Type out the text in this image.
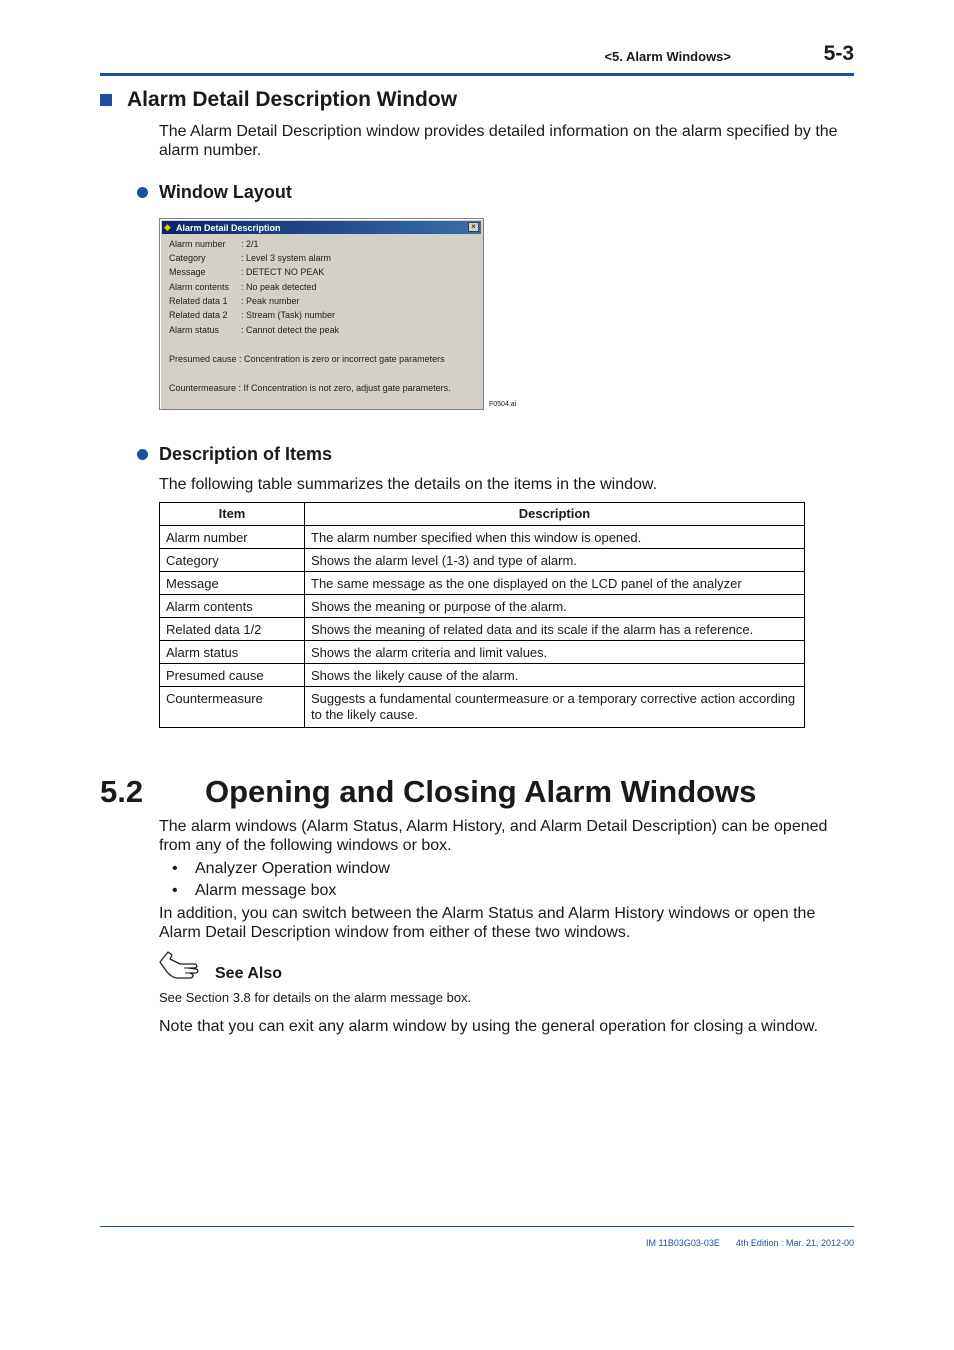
<5. Alarm Windows>	5-3
Alarm Detail Description Window
The Alarm Detail Description window provides detailed information on the alarm specified by the
alarm number.
Window Layout
◆ Alarm Detail Description	×
Alarm number : 2/1
Category	: Level 3 system alarm
Message	: DETECT NO PEAK
Alarm contents : No peak detected
Related data 1 : Peak number
Related data 2 : Stream (Task) number
Alarm status : Cannot detect the peak
Presumed cause : Concentration is zero or incorrect gate parameters
Countermeasure : If Concentration is not zero, adjust gate parameters.
F0504.ai
Description of Items
The following table summarizes the details on the items in the window.
Item	Description
Alarm number	The alarm number specified when this window is opened.
Category	Shows the alarm level (1-3) and type of alarm.
Message	The same message as the one displayed on the LCD panel of the analyzer
Alarm contents	Shows the meaning or purpose of the alarm.
Related data 1/2	Shows the meaning of related data and its scale if the alarm has a reference.
Alarm status	Shows the alarm criteria and limit values.
Presumed cause	Shows the likely cause of the alarm.
Countermeasure	Suggests a fundamental countermeasure or a temporary corrective action according to the likely cause.
5.2 Opening and Closing Alarm Windows
The alarm windows (Alarm Status, Alarm History, and Alarm Detail Description) can be opened
from any of the following windows or box.
• Analyzer Operation window
• Alarm message box
In addition, you can switch between the Alarm Status and Alarm History windows or open the
Alarm Detail Description window from either of these two windows.
See Also
See Section 3.8 for details on the alarm message box.
Note that you can exit any alarm window by using the general operation for closing a window.
IM 11B03G03-03E 4th Edition : Mar. 21, 2012-00
